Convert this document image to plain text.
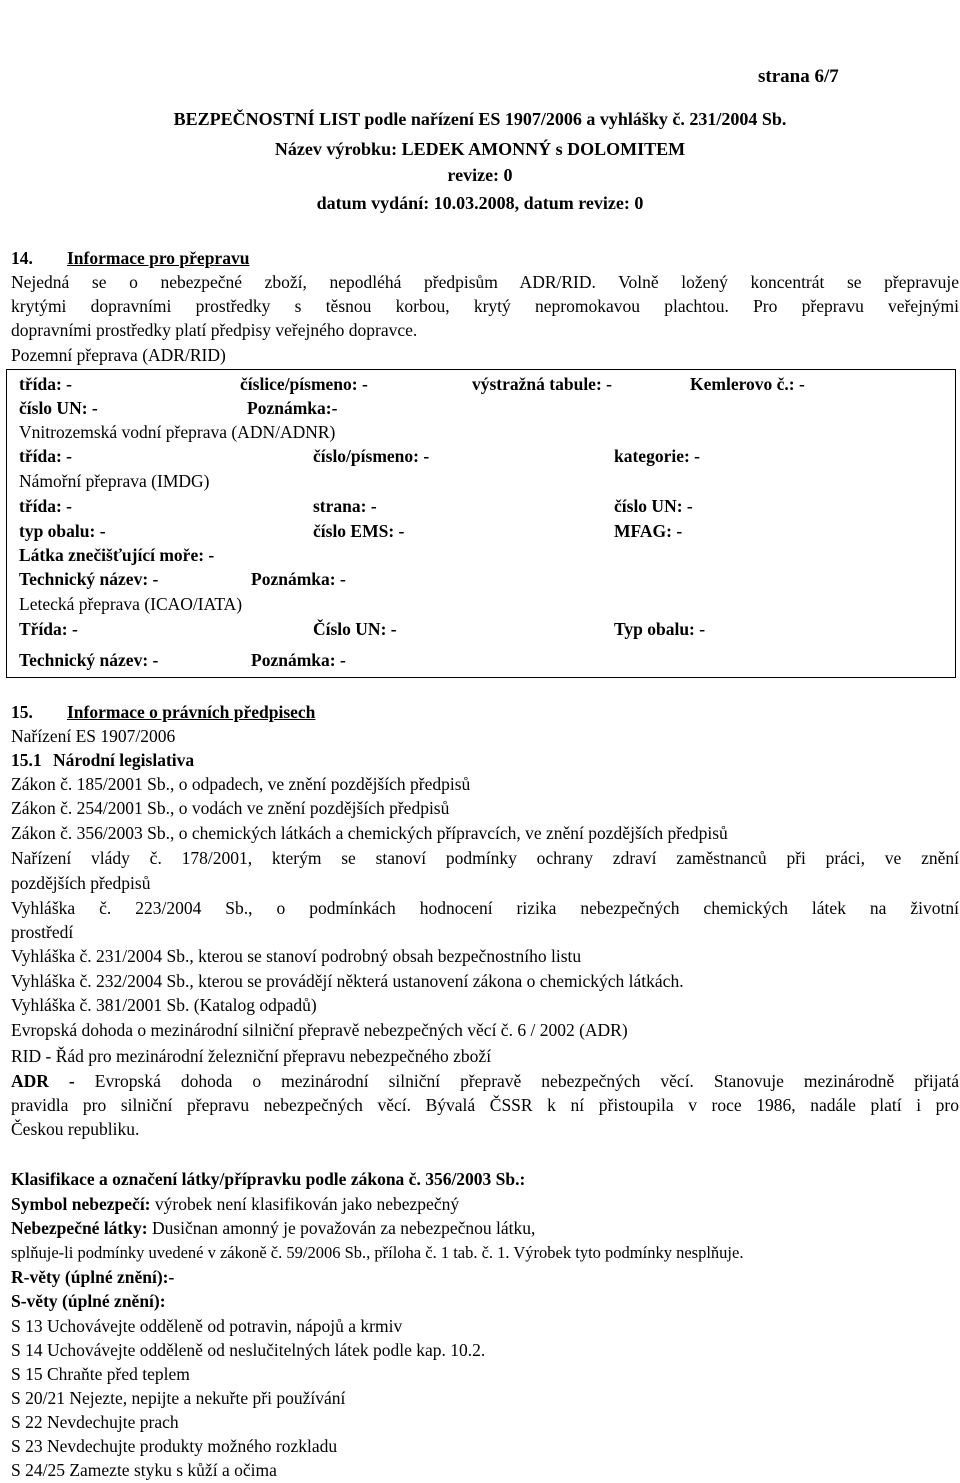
strana 6/7
BEZPEČNOSTNÍ LIST podle nařízení ES 1907/2006 a vyhlášky č. 231/2004 Sb.
Název výrobku: LEDEK AMONNÝ s DOLOMITEM
revize: 0
datum vydání: 10.03.2008, datum revize: 0
14. Informace pro přepravu
Nejedná se o nebezpečné zboží, nepodléhá předpisům ADR/RID. Volně ložený koncentrát se přepravuje
krytými dopravními prostředky s těsnou korbou, krytý nepromokavou plachtou. Pro přepravu veřejnými
dopravními prostředky platí předpisy veřejného dopravce.
Pozemní přeprava (ADR/RID)
třída: -	číslice/písmeno: -	výstražná tabule: -	Kemlerovo č.: -
číslo UN: -	Poznámka:-
Vnitrozemská vodní přeprava (ADN/ADNR)
třída: -	číslo/písmeno: -	kategorie: -
Námořní přeprava (IMDG)
třída: -	strana: -	číslo UN: -
typ obalu: -	číslo EMS: -	MFAG: -
Látka znečišťující moře: -
Technický název: -	Poznámka: -
Letecká přeprava (ICAO/IATA)
Třída: -	Číslo UN: -	Typ obalu: -
Technický název: -	Poznámka: -
15. Informace o právních předpisech
Nařízení ES 1907/2006
15.1 Národní legislativa
Zákon č. 185/2001 Sb., o odpadech, ve znění pozdějších předpisů
Zákon č. 254/2001 Sb., o vodách ve znění pozdějších předpisů
Zákon č. 356/2003 Sb., o chemických látkách a chemických přípravcích, ve znění pozdějších předpisů
Nařízení vlády č. 178/2001, kterým se stanoví podmínky ochrany zdraví zaměstnanců při práci, ve znění
pozdějších předpisů
Vyhláška č. 223/2004 Sb., o podmínkách hodnocení rizika nebezpečných chemických látek na životní
prostředí
Vyhláška č. 231/2004 Sb., kterou se stanoví podrobný obsah bezpečnostního listu
Vyhláška č. 232/2004 Sb., kterou se provádějí některá ustanovení zákona o chemických látkách.
Vyhláška č. 381/2001 Sb. (Katalog odpadů)
Evropská dohoda o mezinárodní silniční přepravě nebezpečných věcí č. 6 / 2002 (ADR)
RID - Řád pro mezinárodní železniční přepravu nebezpečného zboží
ADR - Evropská dohoda o mezinárodní silniční přepravě nebezpečných věcí. Stanovuje mezinárodně přijatá
pravidla pro silniční přepravu nebezpečných věcí. Bývalá ČSSR k ní přistoupila v roce 1986, nadále platí i pro
Českou republiku.
Klasifikace a označení látky/přípravku podle zákona č. 356/2003 Sb.:
Symbol nebezpečí: výrobek není klasifikován jako nebezpečný
Nebezpečné látky: Dusičnan amonný je považován za nebezpečnou látku,
splňuje-li podmínky uvedené v zákoně č. 59/2006 Sb., příloha č. 1 tab. č. 1. Výrobek tyto podmínky nesplňuje.
R-věty (úplné znění):-
S-věty (úplné znění):
S 13 Uchovávejte odděleně od potravin, nápojů a krmiv
S 14 Uchovávejte odděleně od neslučitelných látek podle kap. 10.2.
S 15 Chraňte před teplem
S 20/21 Nejezte, nepijte a nekuřte při používání
S 22 Nevdechujte prach
S 23 Nevdechujte produkty možného rozkladu
S 24/25 Zamezte styku s kůží a očima
